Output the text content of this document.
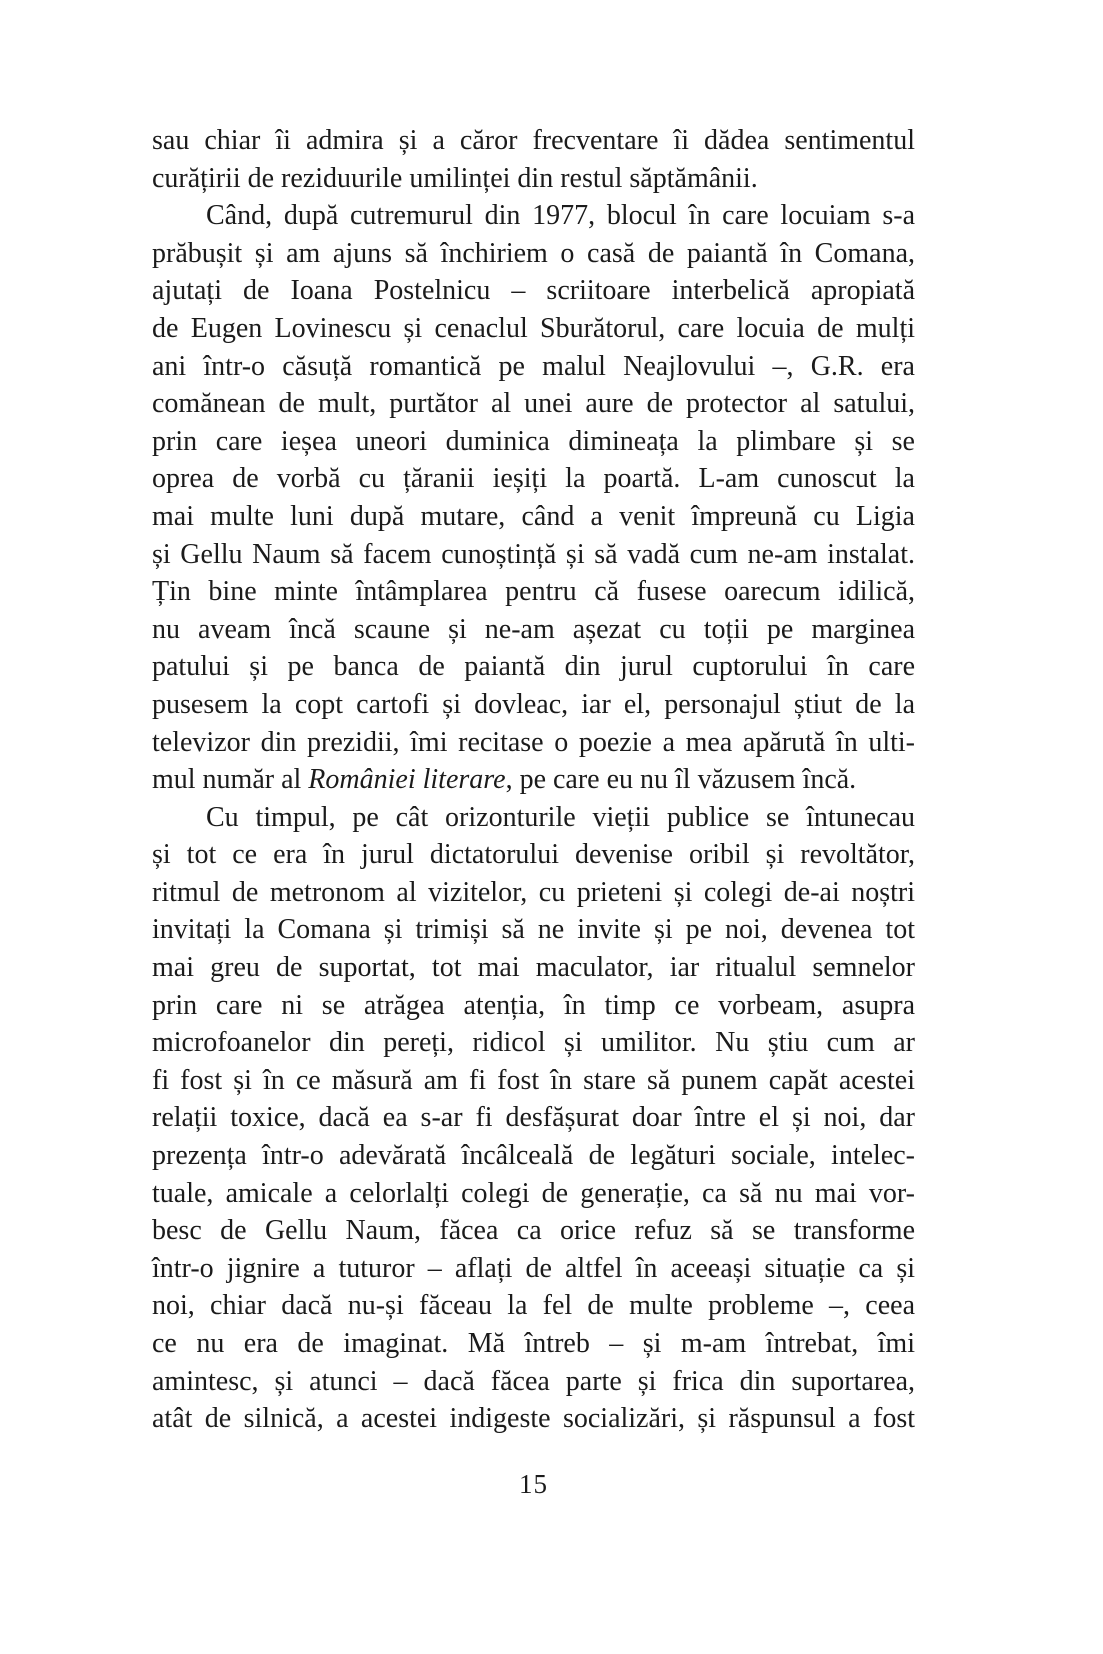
sau chiar îi admira și a căror frecventare îi dădea sentimentul
curățirii de reziduurile umilinței din restul săptămânii.
Când, după cutremurul din 1977, blocul în care locuiam s-a
prăbușit și am ajuns să închiriem o casă de paiantă în Comana,
ajutați de Ioana Postelnicu – scriitoare interbelică apropiată
de Eugen Lovinescu și cenaclul Sburătorul, care locuia de mulți
ani într-o căsuță romantică pe malul Neajlovului –, G.R. era
comănean de mult, purtător al unei aure de protector al satului,
prin care ieșea uneori duminica dimineața la plimbare și se
oprea de vorbă cu țăranii ieșiți la poartă. L-am cunoscut la
mai multe luni după mutare, când a venit împreună cu Ligia
și Gellu Naum să facem cunoștință și să vadă cum ne-am instalat.
Țin bine minte întâmplarea pentru că fusese oarecum idilică,
nu aveam încă scaune și ne-am așezat cu toții pe marginea
patului și pe banca de paiantă din jurul cuptorului în care
pusesem la copt cartofi și dovleac, iar el, personajul știut de la
televizor din prezidii, îmi recitase o poezie a mea apărută în ulti-
mul număr al României literare, pe care eu nu îl văzusem încă.
Cu timpul, pe cât orizonturile vieții publice se întunecau
și tot ce era în jurul dictatorului devenise oribil și revoltător,
ritmul de metronom al vizitelor, cu prieteni și colegi de-ai noștri
invitați la Comana și trimiși să ne invite și pe noi, devenea tot
mai greu de suportat, tot mai maculator, iar ritualul semnelor
prin care ni se atrăgea atenția, în timp ce vorbeam, asupra
microfoanelor din pereți, ridicol și umilitor. Nu știu cum ar
fi fost și în ce măsură am fi fost în stare să punem capăt acestei
relații toxice, dacă ea s-ar fi desfășurat doar între el și noi, dar
prezența într-o adevărată încâlceală de legături sociale, intelec-
tuale, amicale a celorlalți colegi de generație, ca să nu mai vor-
besc de Gellu Naum, făcea ca orice refuz să se transforme
într-o jignire a tuturor – aflați de altfel în aceeași situație ca și
noi, chiar dacă nu-și făceau la fel de multe probleme –, ceea
ce nu era de imaginat. Mă întreb – și m-am întrebat, îmi
amintesc, și atunci – dacă făcea parte și frica din suportarea,
atât de silnică, a acestei indigeste socializări, și răspunsul a fost
15
